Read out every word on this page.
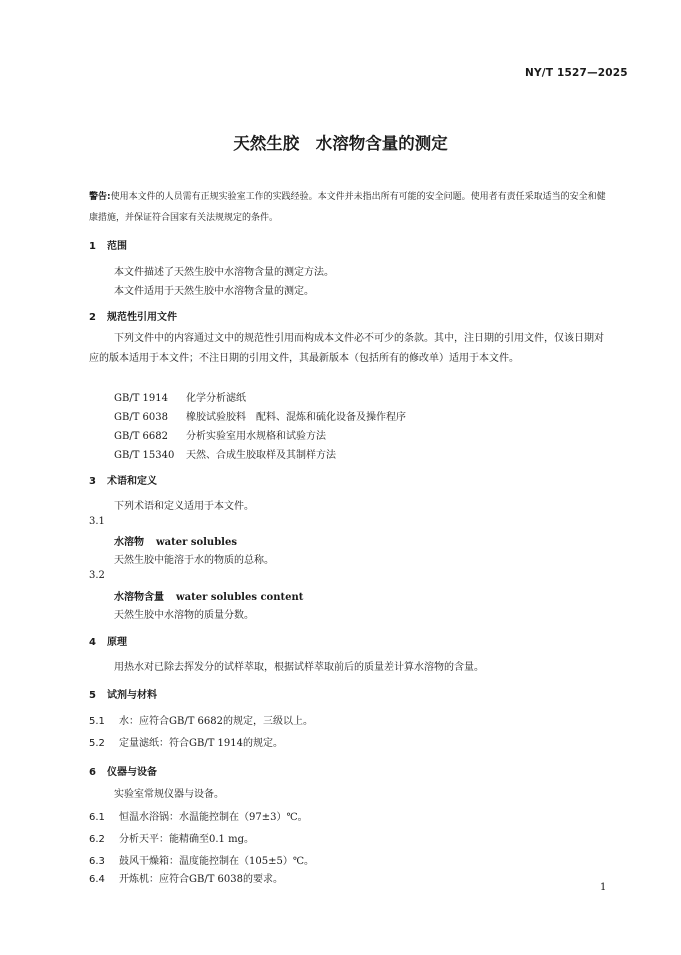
NY/T 1527—2025
天然生胶　水溶物含量的测定
警告:使用本文件的人员需有正规实验室工作的实践经验。本文件并未指出所有可能的安全问题。使用者有责任采取适当的安全和健康措施，并保证符合国家有关法规规定的条件。
1 范围
本文件描述了天然生胶中水溶物含量的测定方法。
本文件适用于天然生胶中水溶物含量的测定。
2 规范性引用文件
下列文件中的内容通过文中的规范性引用而构成本文件必不可少的条款。其中，注日期的引用文件，仅该日期对应的版本适用于本文件；不注日期的引用文件，其最新版本（包括所有的修改单）适用于本文件。
GB/T 1914 化学分析滤纸
GB/T 6038 橡胶试验胶料　配料、混炼和硫化设备及操作程序
GB/T 6682 分析实验室用水规格和试验方法
GB/T 15340 天然、合成生胶取样及其制样方法
3 术语和定义
下列术语和定义适用于本文件。
3.1
水溶物 water solubles
天然生胶中能溶于水的物质的总称。
3.2
水溶物含量 water solubles content
天然生胶中水溶物的质量分数。
4 原理
用热水对已除去挥发分的试样萃取，根据试样萃取前后的质量差计算水溶物的含量。
5 试剂与材料
5.1 水：应符合GB/T 6682的规定，三级以上。
5.2 定量滤纸：符合GB/T 1914的规定。
6 仪器与设备
实验室常规仪器与设备。
6.1 恒温水浴锅：水温能控制在（97±3）℃。
6.2 分析天平：能精确至0.1 mg。
6.3 鼓风干燥箱：温度能控制在（105±5）℃。
6.4 开炼机：应符合GB/T 6038的要求。
1
